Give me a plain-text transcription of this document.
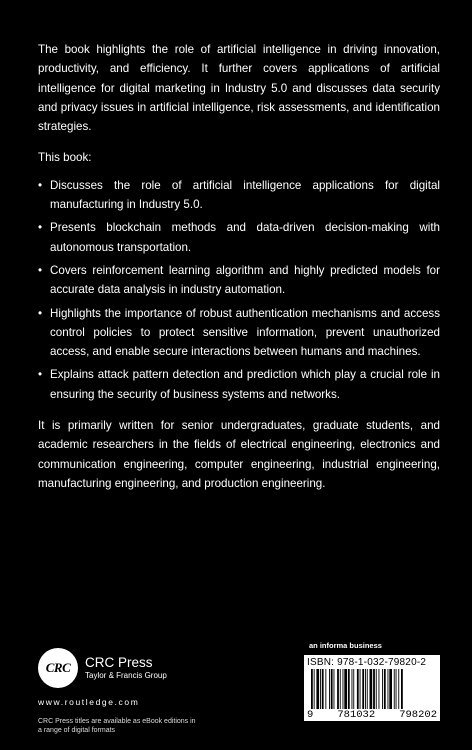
The book highlights the role of artificial intelligence in driving innovation, productivity, and efficiency. It further covers applications of artificial intelligence for digital marketing in Industry 5.0 and discusses data security and privacy issues in artificial intelligence, risk assessments, and identification strategies.

This book:

• Discusses the role of artificial intelligence applications for digital manufacturing in Industry 5.0.
• Presents blockchain methods and data-driven decision-making with autonomous transportation.
• Covers reinforcement learning algorithm and highly predicted models for accurate data analysis in industry automation.
• Highlights the importance of robust authentication mechanisms and access control policies to protect sensitive information, prevent unauthorized access, and enable secure interactions between humans and machines.
• Explains attack pattern detection and prediction which play a crucial role in ensuring the security of business systems and networks.

It is primarily written for senior undergraduates, graduate students, and academic researchers in the fields of electrical engineering, electronics and communication engineering, computer engineering, industrial engineering, manufacturing engineering, and production engineering.

CRC	CRC Press
Taylor & Francis Group
www.routledge.com
CRC Press titles are available as eBook editions in a range of digital formats
an informa business
ISBN: 978-1-032-79820-2
9 781032 798202
